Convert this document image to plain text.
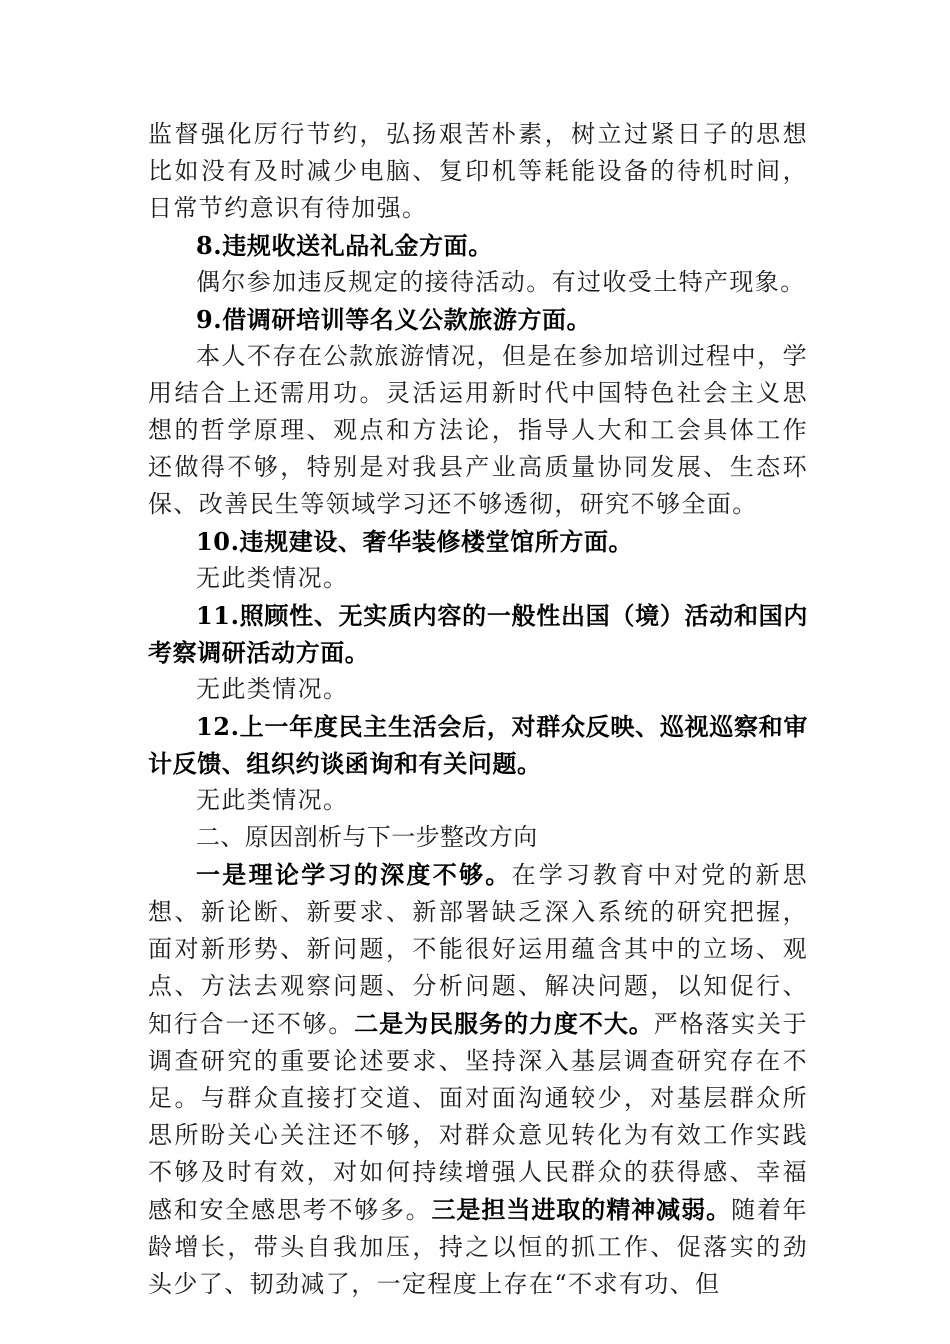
监督强化厉行节约，弘扬艰苦朴素，树立过紧日子的思想比如没有及时减少电脑、复印机等耗能设备的待机时间，日常节约意识有待加强。

8.违规收送礼品礼金方面。

偶尔参加违反规定的接待活动。有过收受土特产现象。

9.借调研培训等名义公款旅游方面。

本人不存在公款旅游情况，但是在参加培训过程中，学用结合上还需用功。灵活运用新时代中国特色社会主义思想的哲学原理、观点和方法论，指导人大和工会具体工作还做得不够，特别是对我县产业高质量协同发展、生态环保、改善民生等领域学习还不够透彻，研究不够全面。

10.违规建设、奢华装修楼堂馆所方面。

无此类情况。

11.照顾性、无实质内容的一般性出国（境）活动和国内考察调研活动方面。

无此类情况。

12.上一年度民主生活会后，对群众反映、巡视巡察和审计反馈、组织约谈函询和有关问题。

无此类情况。

二、原因剖析与下一步整改方向

一是理论学习的深度不够。在学习教育中对党的新思想、新论断、新要求、新部署缺乏深入系统的研究把握，面对新形势、新问题，不能很好运用蕴含其中的立场、观点、方法去观察问题、分析问题、解决问题，以知促行、知行合一还不够。二是为民服务的力度不大。严格落实关于调查研究的重要论述要求、坚持深入基层调查研究存在不足。与群众直接打交道、面对面沟通较少，对基层群众所思所盼关心关注还不够，对群众意见转化为有效工作实践不够及时有效，对如何持续增强人民群众的获得感、幸福感和安全感思考不够多。三是担当进取的精神减弱。随着年龄增长，带头自我加压，持之以恒的抓工作、促落实的劲头少了、韧劲减了，一定程度上存在“不求有功、但
